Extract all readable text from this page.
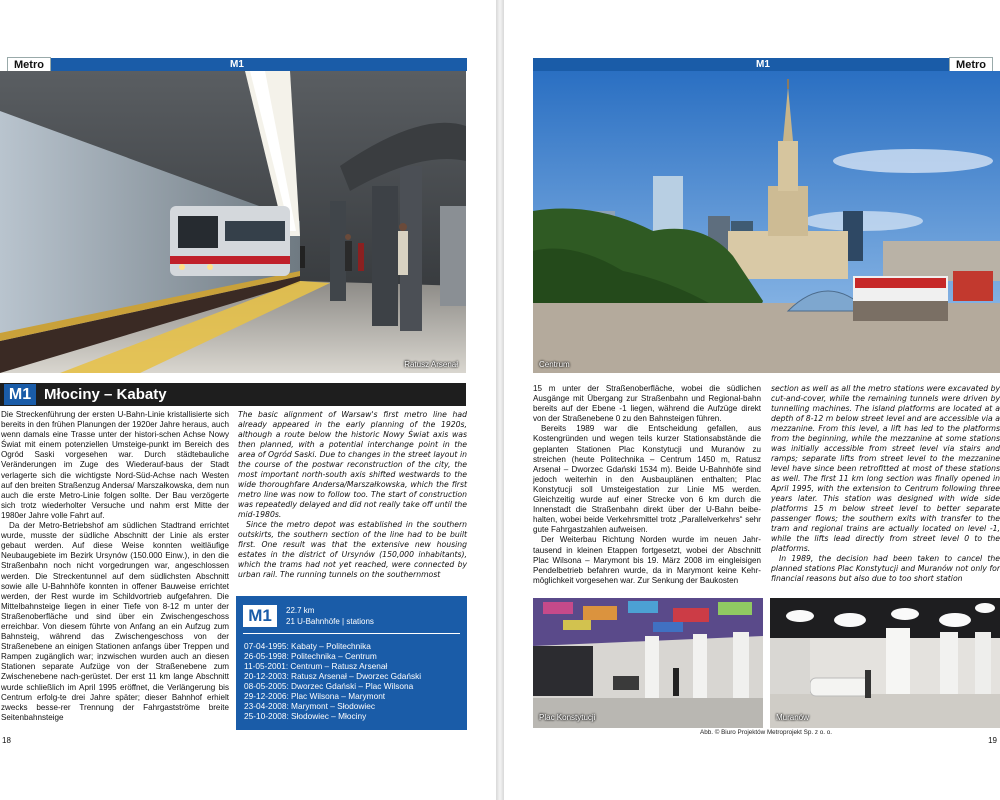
M1
Metro
Ratusz Arsenał
M1 Młociny – Kabaty

Die Streckenführung der ersten U-Bahn-Linie kristallisierte sich bereits in den frühen Planungen der 1920er Jahre heraus, auch wenn damals eine Trasse unter der histori-schen Achse Nowy Świat mit einem potenziellen Umsteige-punkt im Bereich des Ogród Saski vorgesehen war. Durch städtebauliche Veränderungen im Zuge des Wiederauf-baus der Stadt verlagerte sich die wichtigste Nord-Süd-Achse nach Westen auf den breiten Straßenzug Andersa/ Marszałkowska, dem nun auch die erste Metro-Linie folgen sollte. Der Bau verzögerte sich trotz wiederholter Versuche und nahm erst Mitte der 1980er Jahre volle Fahrt auf.

Da der Metro-Betriebshof am südlichen Stadtrand errichtet wurde, musste der südliche Abschnitt der Linie als erster gebaut werden. Auf diese Weise konnten weitläufige Neubaugebiete im Bezirk Ursynów (150.000 Einw.), in den die Straßenbahn noch nicht vorgedrungen war, angeschlossen werden. Die Streckentunnel auf dem südlichsten Abschnitt sowie alle U-Bahnhöfe konnten in offener Bauweise errichtet werden, der Rest wurde im Schildvortrieb aufgefahren. Die Mittelbahnsteige liegen in einer Tiefe von 8-12 m unter der Straßenoberfläche und sind über ein Zwischengeschoss erreichbar. Von diesem führte von Anfang an ein Aufzug zum Bahnsteig, während das Zwischengeschoss von der Straßenebene an einigen Stationen anfangs über Treppen und Rampen zugänglich war; inzwischen wurden auch an diesen Stationen separate Aufzüge von der Straßenebene zum Zwischenebene nach-gerüstet. Der erst 11 km lange Abschnitt wurde schließlich im April 1995 eröffnet, die Verlängerung bis Centrum erfolg-te drei Jahre später; dieser Bahnhof erhielt zwecks besse-rer Trennung der Fahrgastströme breite Seitenbahnsteige

The basic alignment of Warsaw's first metro line had already appeared in the early planning of the 1920s, although a route below the historic Nowy Świat axis was then planned, with a potential interchange point in the area of Ogród Saski. Due to changes in the street layout in the course of the postwar reconstruction of the city, the most important north-south axis shifted westwards to the wide thoroughfare Andersa/Marszałkowska, which the first metro line was now to follow too. The start of construction was repeatedly delayed and did not really take off until the mid-1980s.

Since the metro depot was established in the southern outskirts, the southern section of the line had to be built first. One result was that the extensive new housing estates in the district of Ursynów (150,000 inhabitants), which the trams had not yet reached, were connected by urban rail. The running tunnels on the southernmost

M1	22.7 km
21 U-Bahnhöfe | stations
07-04-1995: Kabaty – Politechnika
26-05-1998: Politechnika – Centrum
11-05-2001: Centrum – Ratusz Arsenał
20-12-2003: Ratusz Arsenał – Dworzec Gdański
08-05-2005: Dworzec Gdański – Plac Wilsona
29-12-2006: Plac Wilsona – Marymont
23-04-2008: Marymont – Słodowiec
25-10-2008: Słodowiec – Młociny
18
M1	Metro
Centrum

15 m unter der Straßenoberfläche, wobei die südlichen Ausgänge mit Übergang zur Straßenbahn und Regional-bahn bereits auf der Ebene -1 liegen, während die Aufzüge direkt von der Straßenebene 0 zu den Bahnsteigen führen.

Bereits 1989 war die Entscheidung gefallen, aus Kostengründen und wegen teils kurzer Stationsabstände die geplanten Stationen Plac Konstytucji und Muranów zu streichen (heute Politechnika – Centrum 1450 m, Ratusz Arsenał – Dworzec Gdański 1534 m). Beide U-Bahnhöfe sind jedoch weiterhin in den Ausbauplänen enthalten; Plac Konstytucji soll Umsteigestation zur Linie M5 werden. Gleichzeitig wurde auf einer Strecke von 6 km durch die Innenstadt die Straßenbahn direkt über der U-Bahn beibe-halten, wobei beide Verkehrsmittel trotz „Parallelverkehrs“ sehr gute Fahrgastzahlen aufweisen.

Der Weiterbau Richtung Norden wurde im neuen Jahr-tausend in kleinen Etappen fortgesetzt, wobei der Abschnitt Plac Wilsona – Marymont bis 19. März 2008 im eingleisigen Pendelbetrieb befahren wurde, da in Marymont keine Kehr-möglichkeit vorgesehen war. Zur Senkung der Baukosten

section as well as all the metro stations were excavated by cut-and-cover, while the remaining tunnels were driven by tunnelling machines. The island platforms are located at a depth of 8-12 m below street level and are accessible via a mezzanine. From this level, a lift has led to the platforms from the beginning, while the mezzanine at some stations was initially accessible from street level via stairs and ramps; separate lifts from street level to the mezzanine level have since been retrofitted at most of these stations as well. The first 11 km long section was finally opened in April 1995, with the extension to Centrum following three years later. This station was designed with wide side platforms 15 m below street level to better separate passenger flows; the southern exits with transfer to the tram and regional trains are actually located on level -1, while the lifts lead directly from street level 0 to the platforms.

In 1989, the decision had been taken to cancel the planned stations Plac Konstytucji and Muranów not only for financial reasons but also due to too short station

Plac Konstytucji	Muranów
Abb. © Biuro Projektów Metroprojekt Sp. z o. o.
19
